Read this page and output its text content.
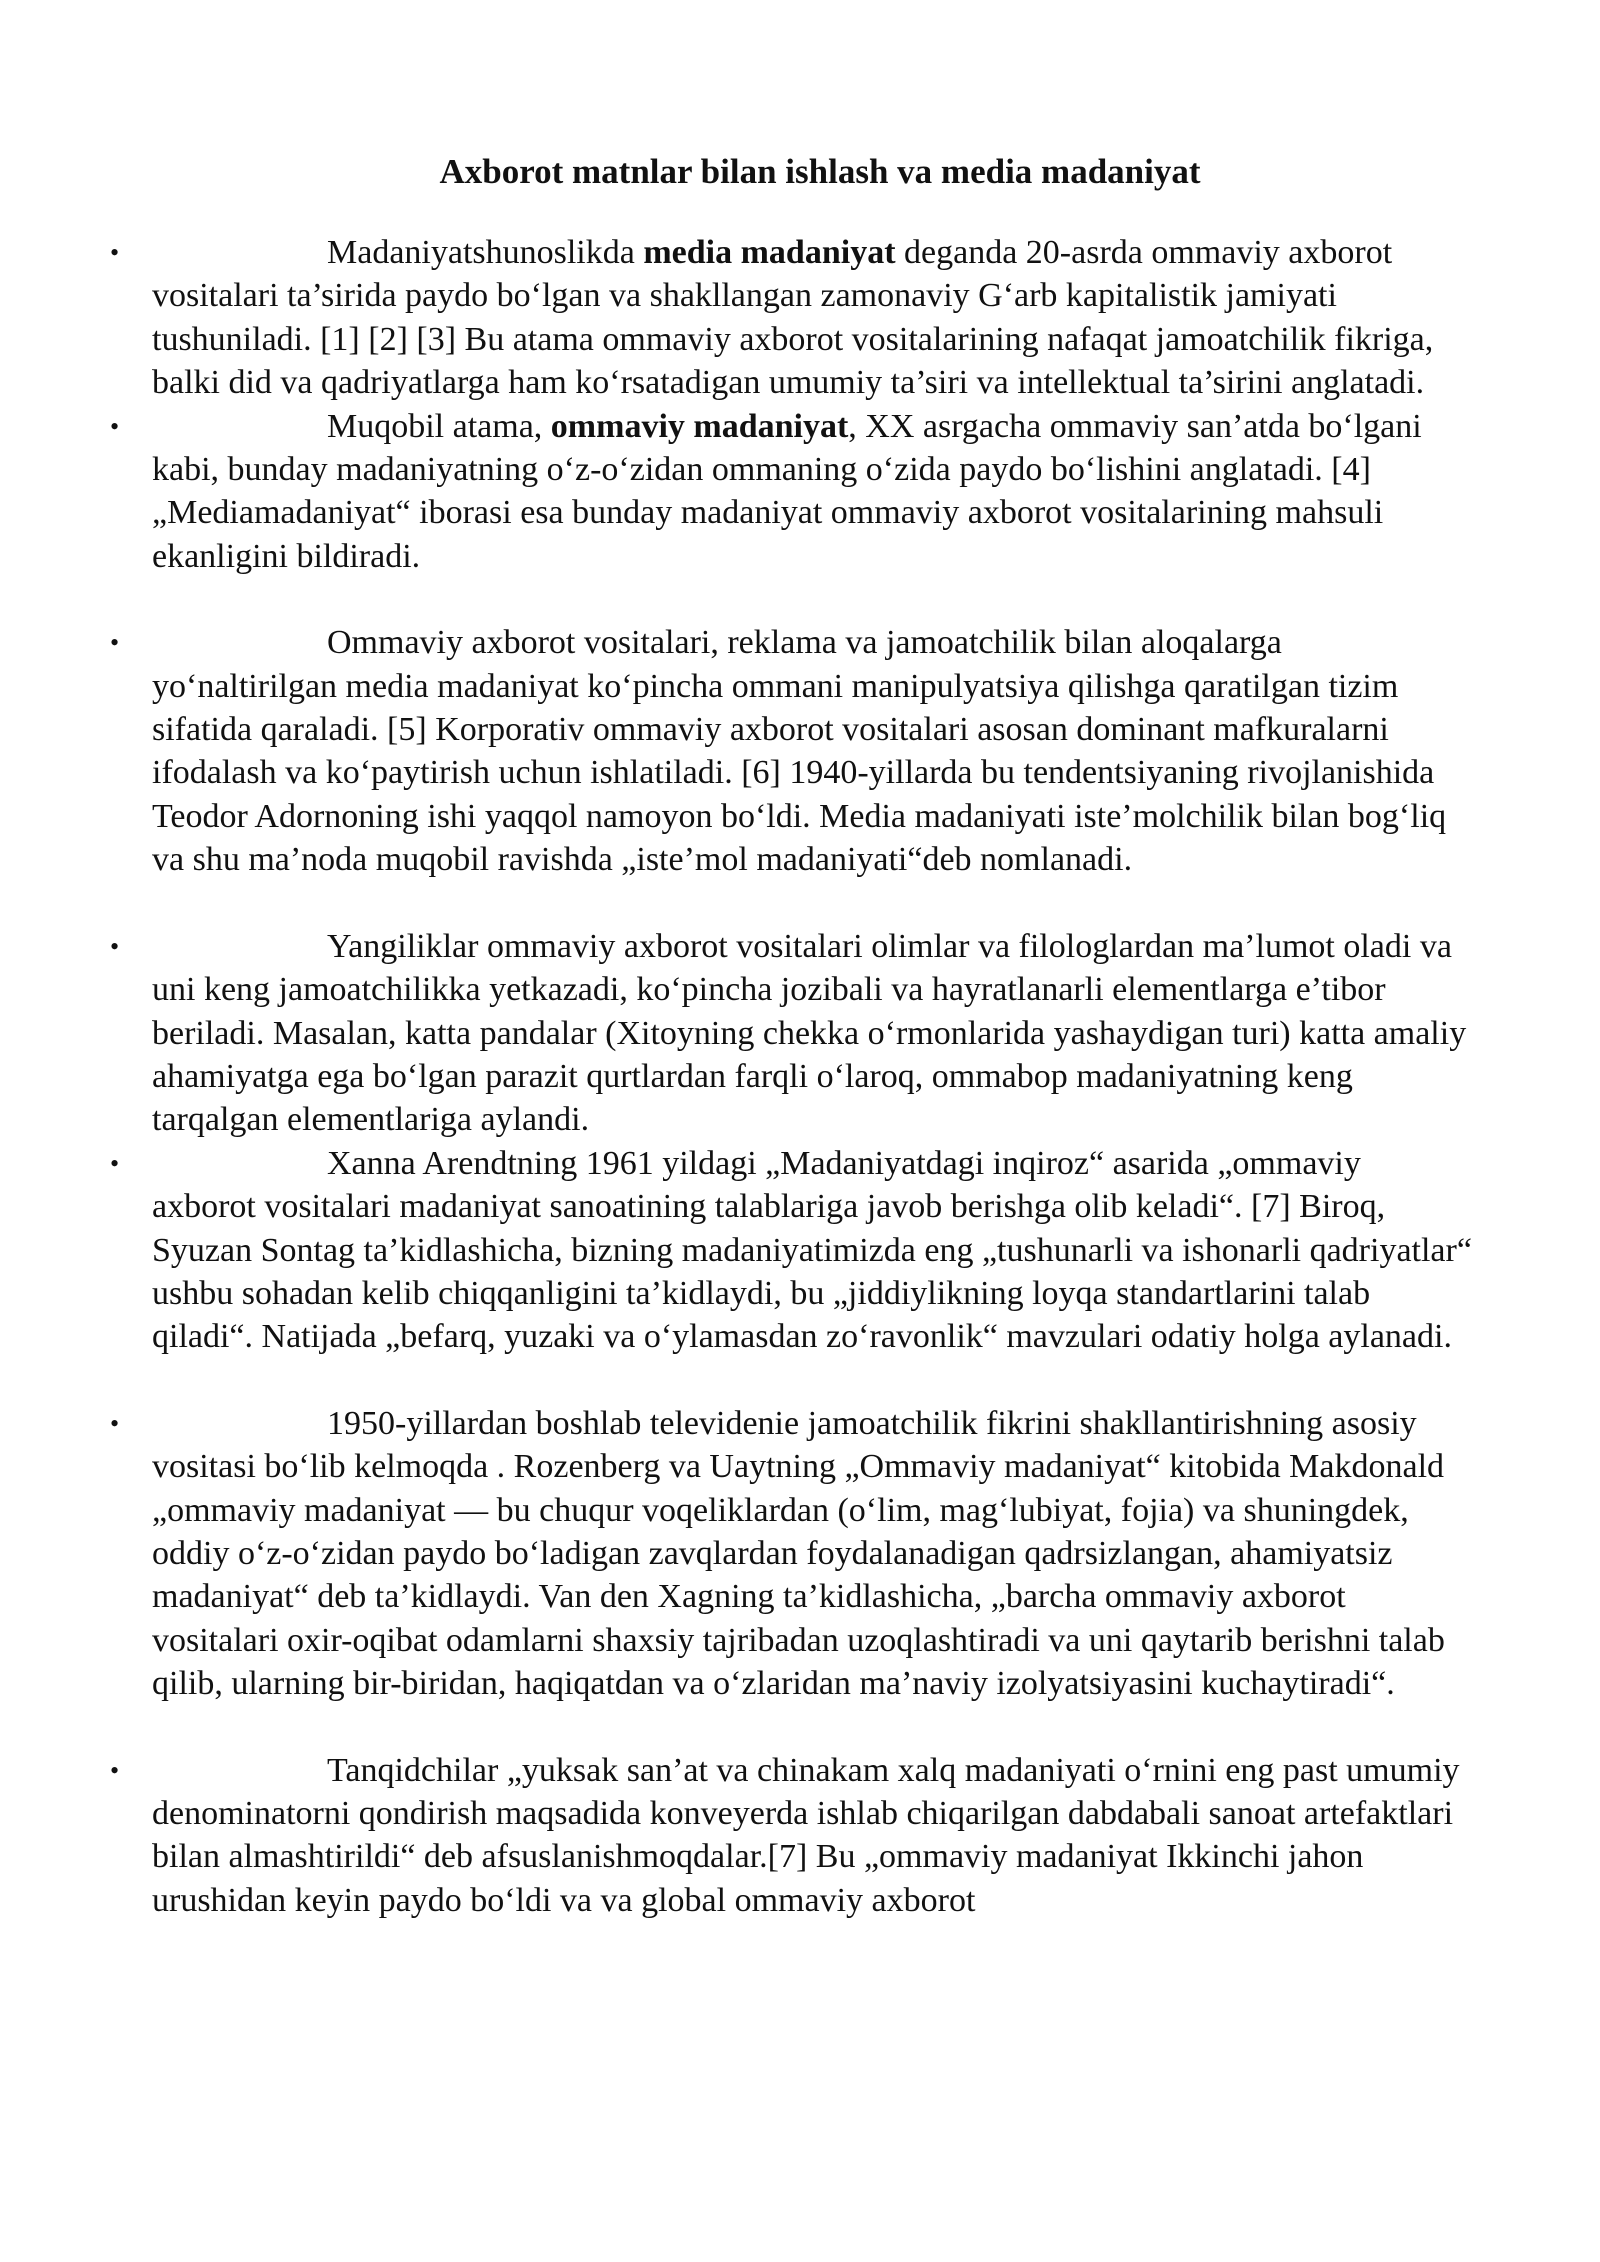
Axborot matnlar bilan ishlash va media madaniyat
•	Madaniyatshunoslikda media madaniyat deganda 20-asrda ommaviy axborot vositalari ta’sirida paydo bo‘lgan va shakllangan zamonaviy G‘arb kapitalistik jamiyati tushuniladi. [1] [2] [3] Bu atama ommaviy axborot vositalarining nafaqat jamoatchilik fikriga, balki did va qadriyatlarga ham ko‘rsatadigan umumiy ta’siri va intellektual ta’sirini anglatadi.
•	Muqobil atama, ommaviy madaniyat, XX asrgacha ommaviy san’atda bo‘lgani kabi, bunday madaniyatning o‘z-o‘zidan ommaning o‘zida paydo bo‘lishini anglatadi. [4] „Mediamadaniyat“ iborasi esa bunday madaniyat ommaviy axborot vositalarining mahsuli ekanligini bildiradi.
•	Ommaviy axborot vositalari, reklama va jamoatchilik bilan aloqalarga yo‘naltirilgan media madaniyat ko‘pincha ommani manipulyatsiya qilishga qaratilgan tizim sifatida qaraladi. [5] Korporativ ommaviy axborot vositalari asosan dominant mafkuralarni ifodalash va ko‘paytirish uchun ishlatiladi. [6] 1940-yillarda bu tendentsiyaning rivojlanishida Teodor Adornoning ishi yaqqol namoyon bo‘ldi. Media madaniyati iste’molchilik bilan bog‘liq va shu ma’noda muqobil ravishda „iste’mol madaniyati“deb nomlanadi.
•	Yangiliklar ommaviy axborot vositalari olimlar va filologlardan ma’lumot oladi va uni keng jamoatchilikka yetkazadi, ko‘pincha jozibali va hayratlanarli elementlarga e’tibor beriladi. Masalan, katta pandalar (Xitoyning chekka o‘rmonlarida yashaydigan turi) katta amaliy ahamiyatga ega bo‘lgan parazit qurtlardan farqli o‘laroq, ommabop madaniyatning keng tarqalgan elementlariga aylandi.
•	Xanna Arendtning 1961 yildagi „Madaniyatdagi inqiroz“ asarida „ommaviy axborot vositalari madaniyat sanoatining talablariga javob berishga olib keladi“. [7] Biroq, Syuzan Sontag ta’kidlashicha, bizning madaniyatimizda eng „tushunarli va ishonarli qadriyatlar“ ushbu sohadan kelib chiqqanligini ta’kidlaydi, bu „jiddiylikning loyqa standartlarini talab qiladi“. Natijada „befarq, yuzaki va o‘ylamasdan zo‘ravonlik“ mavzulari odatiy holga aylanadi.
•	1950-yillardan boshlab televidenie jamoatchilik fikrini shakllantirishning asosiy vositasi bo‘lib kelmoqda . Rozenberg va Uaytning „Ommaviy madaniyat“ kitobida Makdonald „ommaviy madaniyat — bu chuqur voqeliklardan (o‘lim, mag‘lubiyat, fojia) va shuningdek, oddiy o‘z-o‘zidan paydo bo‘ladigan zavqlardan foydalanadigan qadrsizlangan, ahamiyatsiz madaniyat“ deb ta’kidlaydi. Van den Xagning ta’kidlashicha, „barcha ommaviy axborot vositalari oxir-oqibat odamlarni shaxsiy tajribadan uzoqlashtiradi va uni qaytarib berishni talab qilib, ularning bir-biridan, haqiqatdan va o‘zlaridan ma’naviy izolyatsiyasini kuchaytiradi“.
•	Tanqidchilar „yuksak san’at va chinakam xalq madaniyati o‘rnini eng past umumiy denominatorni qondirish maqsadida konveyerda ishlab chiqarilgan dabdabali sanoat artefaktlari bilan almashtirildi“ deb afsuslanishmoqdalar.[7] Bu „ommaviy madaniyat Ikkinchi jahon urushidan keyin paydo bo‘ldi va va global ommaviy axborot
